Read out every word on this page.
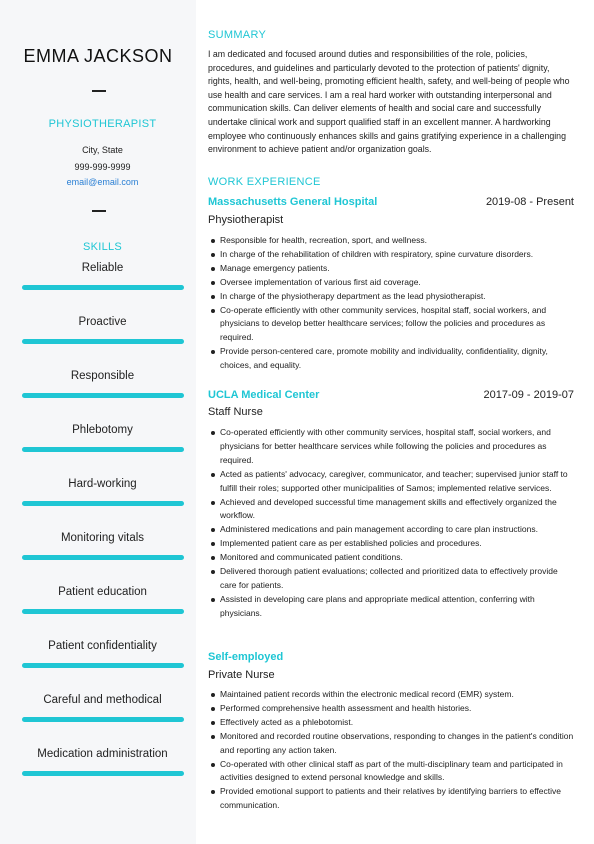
EMMA JACKSON
PHYSIOTHERAPIST
City, State
999-999-9999
email@email.com
SKILLS
Reliable
Proactive
Responsible
Phlebotomy
Hard-working
Monitoring vitals
Patient education
Patient confidentiality
Careful and methodical
Medication administration
SUMMARY
I am dedicated and focused around duties and responsibilities of the role, policies, procedures, and guidelines and particularly devoted to the protection of patients' dignity, rights, health, and well-being, promoting efficient health, safety, and well-being of people who use health and care services. I am a real hard worker with outstanding interpersonal and communication skills. Can deliver elements of health and social care and successfully undertake clinical work and support qualified staff in an excellent manner. A hardworking employee who continuously enhances skills and gains gratifying experience in a challenging environment to achieve patient and/or organization goals.
WORK EXPERIENCE
Massachusetts General Hospital	2019-08 - Present
Physiotherapist
Responsible for health, recreation, sport, and wellness.
In charge of the rehabilitation of children with respiratory, spine curvature disorders.
Manage emergency patients.
Oversee implementation of various first aid coverage.
In charge of the physiotherapy department as the lead physiotherapist.
Co-operate efficiently with other community services, hospital staff, social workers, and physicians to develop better healthcare services; follow the policies and procedures as required.
Provide person-centered care, promote mobility and individuality, confidentiality, dignity, choices, and equality.
UCLA Medical Center	2017-09 - 2019-07
Staff Nurse
Co-operated efficiently with other community services, hospital staff, social workers, and physicians for better healthcare services while following the policies and procedures as required.
Acted as patients' advocacy, caregiver, communicator, and teacher; supervised junior staff to fulfill their roles; supported other municipalities of Samos; implemented relative services.
Achieved and developed successful time management skills and effectively organized the workflow.
Administered medications and pain management according to care plan instructions.
Implemented patient care as per established policies and procedures.
Monitored and communicated patient conditions.
Delivered thorough patient evaluations; collected and prioritized data to effectively provide care for patients.
Assisted in developing care plans and appropriate medical attention, conferring with physicians.
Self-employed
Private Nurse
Maintained patient records within the electronic medical record (EMR) system.
Performed comprehensive health assessment and health histories.
Effectively acted as a phlebotomist.
Monitored and recorded routine observations, responding to changes in the patient's condition and reporting any action taken.
Co-operated with other clinical staff as part of the multi-disciplinary team and participated in activities designed to extend personal knowledge and skills.
Provided emotional support to patients and their relatives by identifying barriers to effective communication.
